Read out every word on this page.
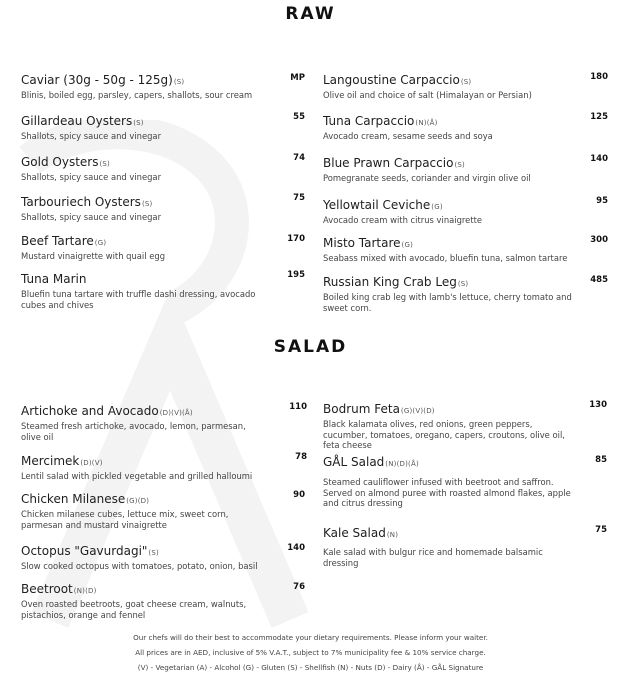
RAW
Caviar (30g - 50g - 125g)(S)
Blinis, boiled egg, parsley, capers, shallots, sour cream
MP
Gillardeau Oysters(S)
Shallots, spicy sauce and vinegar
55
Gold Oysters(S)
Shallots, spicy sauce and vinegar
74
Tarbouriech Oysters(S)
Shallots, spicy sauce and vinegar
75
Beef Tartare(G)
Mustard vinaigrette with quail egg
170
Tuna Marin
Bluefin tuna tartare with truffle dashi dressing, avocado cubes and chives
195
Langoustine Carpaccio(S)
Olive oil and choice of salt (Himalayan or Persian)
180
Tuna Carpaccio(N)(Å)
Avocado cream, sesame seeds and soya
125
Blue Prawn Carpaccio(S)
Pomegranate seeds, coriander and virgin olive oil
140
Yellowtail Ceviche(G)
Avocado cream with citrus vinaigrette
95
Misto Tartare(G)
Seabass mixed with avocado, bluefin tuna, salmon tartare
300
Russian King Crab Leg(S)
Boiled king crab leg with lamb's lettuce, cherry tomato and sweet corn.
485
SALAD
Artichoke and Avocado(D)(V)(Å)
Steamed fresh artichoke, avocado, lemon, parmesan, olive oil
110
Mercimek(D)(V)
Lentil salad with pickled vegetable and grilled halloumi
78
Chicken Milanese(G)(D)
Chicken milanese cubes, lettuce mix, sweet corn, parmesan and mustard vinaigrette
90
Octopus "Gavurdagi"(S)
Slow cooked octopus with tomatoes, potato, onion, basil
140
Beetroot(N)(D)
Oven roasted beetroots, goat cheese cream, walnuts, pistachios, orange and fennel
76
Bodrum Feta(G)(V)(D)
Black kalamata olives, red onions, green peppers, cucumber, tomatoes, oregano, capers, croutons, olive oil, feta cheese
130
GÅL Salad(N)(D)(Å)
Steamed cauliflower infused with beetroot and saffron. Served on almond puree with roasted almond flakes, apple and citrus dressing
85
Kale Salad(N)
Kale salad with bulgur rice and homemade balsamic dressing
75
Our chefs will do their best to accommodate your dietary requirements. Please inform your waiter.
All prices are in AED, inclusive of 5% V.A.T., subject to 7% municipality fee & 10% service charge.
(V) - Vegetarian (A) - Alcohol (G) - Gluten (S) - Shellfish (N) - Nuts (D) - Dairy (Å) - GÅL Signature
